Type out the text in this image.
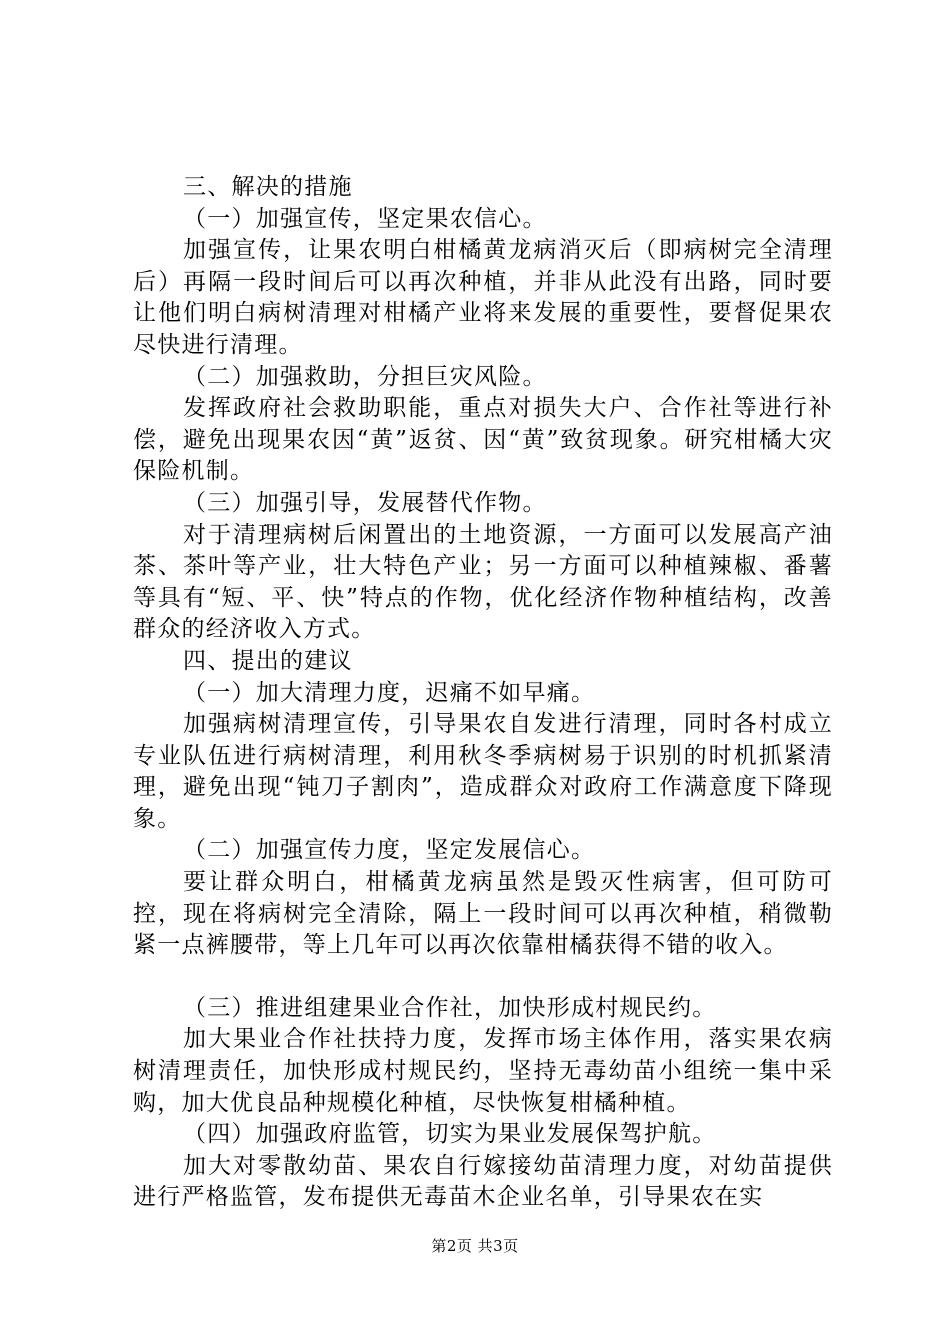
三、解决的措施

（一）加强宣传，坚定果农信心。

加强宣传，让果农明白柑橘黄龙病消灭后（即病树完全清理后）再隔一段时间后可以再次种植，并非从此没有出路，同时要让他们明白病树清理对柑橘产业将来发展的重要性，要督促果农尽快进行清理。

（二）加强救助，分担巨灾风险。

发挥政府社会救助职能，重点对损失大户、合作社等进行补偿，避免出现果农因“黄”返贫、因“黄”致贫现象。研究柑橘大灾保险机制。

（三）加强引导，发展替代作物。

对于清理病树后闲置出的土地资源，一方面可以发展高产油茶、茶叶等产业，壮大特色产业；另一方面可以种植辣椒、番薯等具有“短、平、快”特点的作物，优化经济作物种植结构，改善群众的经济收入方式。

四、提出的建议

（一）加大清理力度，迟痛不如早痛。

加强病树清理宣传，引导果农自发进行清理，同时各村成立专业队伍进行病树清理，利用秋冬季病树易于识别的时机抓紧清理，避免出现“钝刀子割肉”，造成群众对政府工作满意度下降现象。

（二）加强宣传力度，坚定发展信心。

要让群众明白，柑橘黄龙病虽然是毁灭性病害，但可防可控，现在将病树完全清除，隔上一段时间可以再次种植，稍微勒紧一点裤腰带，等上几年可以再次依靠柑橘获得不错的收入。

（三）推进组建果业合作社，加快形成村规民约。

加大果业合作社扶持力度，发挥市场主体作用，落实果农病树清理责任，加快形成村规民约，坚持无毒幼苗小组统一集中采购，加大优良品种规模化种植，尽快恢复柑橘种植。

（四）加强政府监管，切实为果业发展保驾护航。

加大对零散幼苗、果农自行嫁接幼苗清理力度，对幼苗提供进行严格监管，发布提供无毒苗木企业名单，引导果农在实

第2页 共3页
